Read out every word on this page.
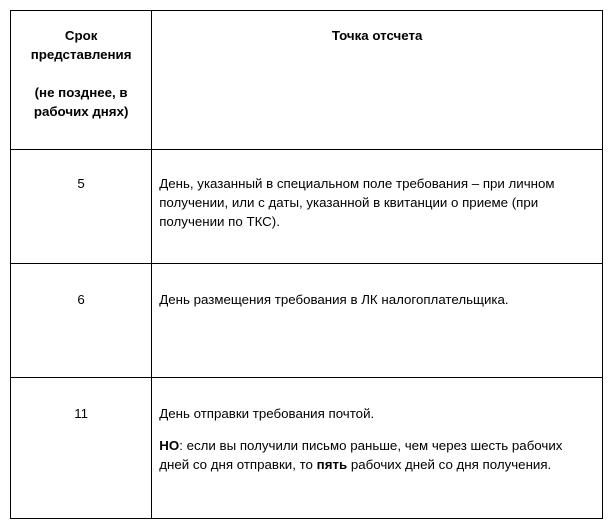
Срок представления

(не позднее, в рабочих днях)	Точка отсчета
5	День, указанный в специальном поле требования – при личном получении, или с даты, указанной в квитанции о приеме (при получении по ТКС).

6	День размещения требования в ЛК налогоплательщика.

11	День отправки требования почтой.

НО: если вы получили письмо раньше, чем через шесть рабочих дней со дня отправки, то пять рабочих дней со дня получения.
